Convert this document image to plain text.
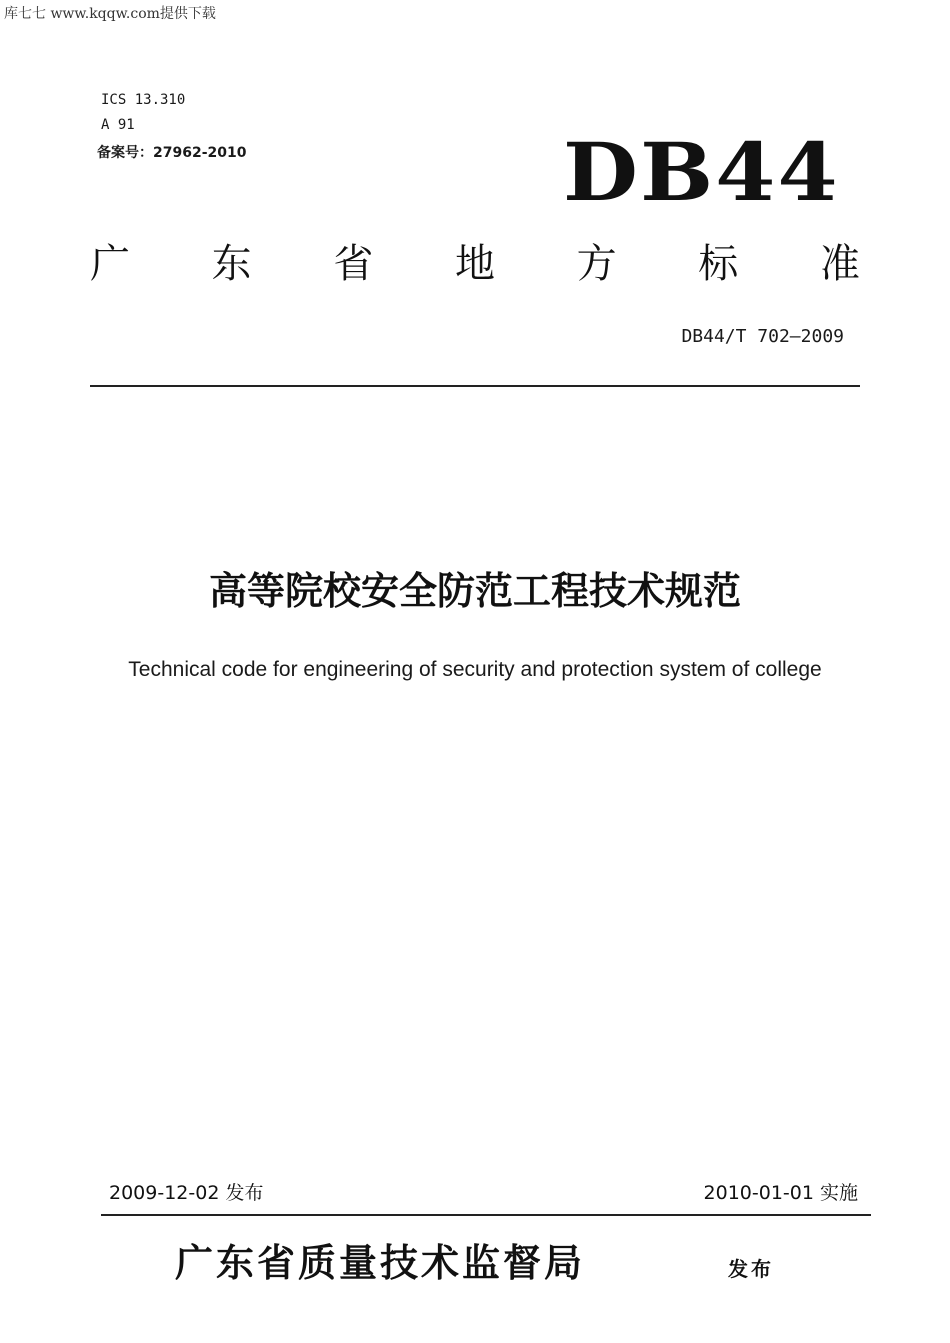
库七七 www.kqqw.com提供下载
ICS 13.310
A 91
备案号：27962-2010	DB44
广 东 省 地 方 标 准
DB44/T 702—2009
高等院校安全防范工程技术规范
Technical code for engineering of security and protection system of college
2009-12-02 发布	2010-01-01 实施
广东省质量技术监督局	发布
